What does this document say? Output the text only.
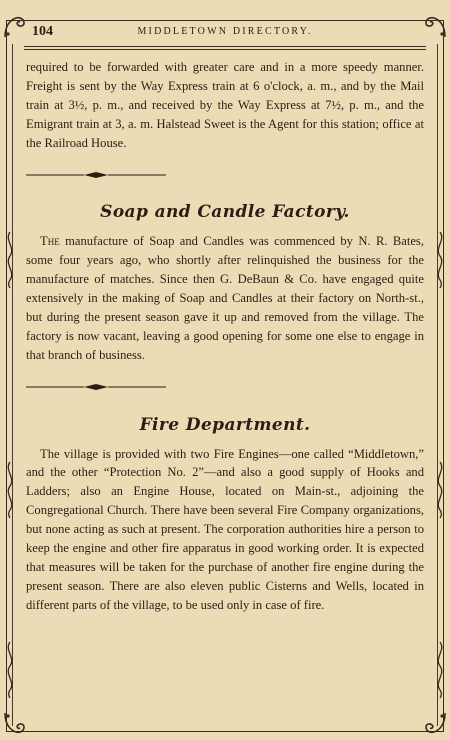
104	MIDDLETOWN DIRECTORY.

required to be forwarded with greater care and in a more speedy manner. Freight is sent by the Way Express train at 6 o'clock, a. m., and by the Mail train at 3½, p. m., and received by the Way Express at 7½, p. m., and the Emigrant train at 3, a. m. Halstead Sweet is the Agent for this station; office at the Railroad House.

Soap and Candle Factory.

The manufacture of Soap and Candles was commenced by N. R. Bates, some four years ago, who shortly after relinquished the business for the manufacture of matches. Since then G. DeBaun & Co. have engaged quite extensively in the making of Soap and Candles at their factory on North-st., but during the present season gave it up and removed from the village. The factory is now vacant, leaving a good opening for some one else to engage in that branch of business.

Fire Department.

The village is provided with two Fire Engines—one called “Middletown,” and the other “Protection No. 2”—and also a good supply of Hooks and Ladders; also an Engine House, located on Main-st., adjoining the Congregational Church. There have been several Fire Company organizations, but none acting as such at present. The corporation authorities hire a person to keep the engine and other fire apparatus in good working order. It is expected that measures will be taken for the purchase of another fire engine during the present season. There are also eleven public Cisterns and Wells, located in different parts of the village, to be used only in case of fire.
